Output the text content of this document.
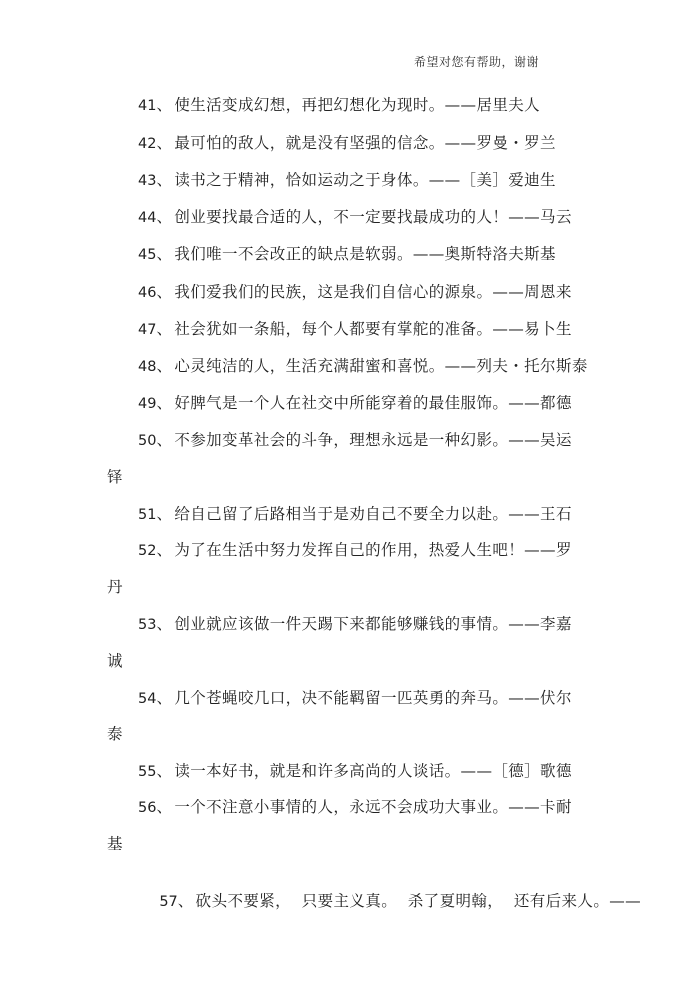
希望对您有帮助，谢谢
41、 使生活变成幻想，再把幻想化为现时。——居里夫人
42、 最可怕的敌人，就是没有坚强的信念。——罗曼・罗兰
43、 读书之于精神，恰如运动之于身体。——［美］爱迪生
44、 创业要找最合适的人，不一定要找最成功的人！——马云
45、 我们唯一不会改正的缺点是软弱。——奥斯特洛夫斯基
46、 我们爱我们的民族，这是我们自信心的源泉。——周恩来
47、 社会犹如一条船，每个人都要有掌舵的准备。——易卜生
48、 心灵纯洁的人，生活充满甜蜜和喜悦。——列夫・托尔斯泰
49、 好脾气是一个人在社交中所能穿着的最佳服饰。——都德
50、 不参加变革社会的斗争，理想永远是一种幻影。——吴运
铎
51、 给自己留了后路相当于是劝自己不要全力以赴。——王石
52、 为了在生活中努力发挥自己的作用，热爱人生吧！——罗
丹
53、 创业就应该做一件天踢下来都能够赚钱的事情。——李嘉
诚
54、 几个苍蝇咬几口，决不能羁留一匹英勇的奔马。——伏尔
泰
55、 读一本好书，就是和许多高尚的人谈话。——［德］歌德
56、 一个不注意小事情的人，永远不会成功大事业。——卡耐
基

57、 砍头不要紧，  只要主义真。  杀了夏明翰，  还有后来人。——
